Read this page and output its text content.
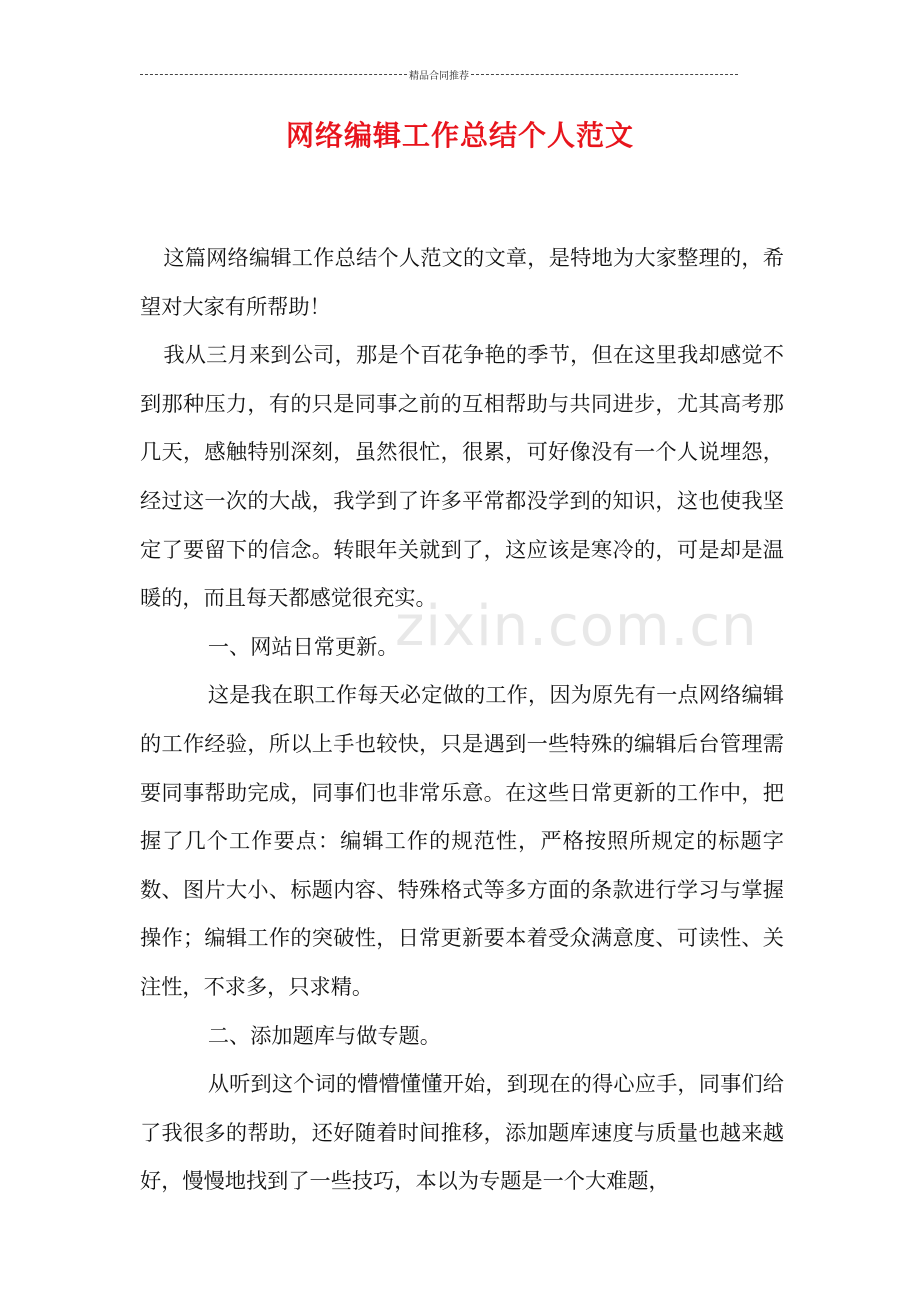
精品合同推荐
网络编辑工作总结个人范文

这篇网络编辑工作总结个人范文的文章，是特地为大家整理的，希望对大家有所帮助！

我从三月来到公司，那是个百花争艳的季节，但在这里我却感觉不到那种压力，有的只是同事之前的互相帮助与共同进步，尤其高考那几天，感触特别深刻，虽然很忙，很累，可好像没有一个人说埋怨，经过这一次的大战，我学到了许多平常都没学到的知识，这也使我坚定了要留下的信念。转眼年关就到了，这应该是寒冷的，可是却是温暖的，而且每天都感觉很充实。

一、网站日常更新。

这是我在职工作每天必定做的工作，因为原先有一点网络编辑的工作经验，所以上手也较快，只是遇到一些特殊的编辑后台管理需要同事帮助完成，同事们也非常乐意。在这些日常更新的工作中，把握了几个工作要点：编辑工作的规范性，严格按照所规定的标题字数、图片大小、标题内容、特殊格式等多方面的条款进行学习与掌握操作；编辑工作的突破性，日常更新要本着受众满意度、可读性、关注性，不求多，只求精。

二、添加题库与做专题。

从听到这个词的懵懵懂懂开始，到现在的得心应手，同事们给了我很多的帮助，还好随着时间推移，添加题库速度与质量也越来越好，慢慢地找到了一些技巧，本以为专题是一个大难题，

zixin.com.cn
